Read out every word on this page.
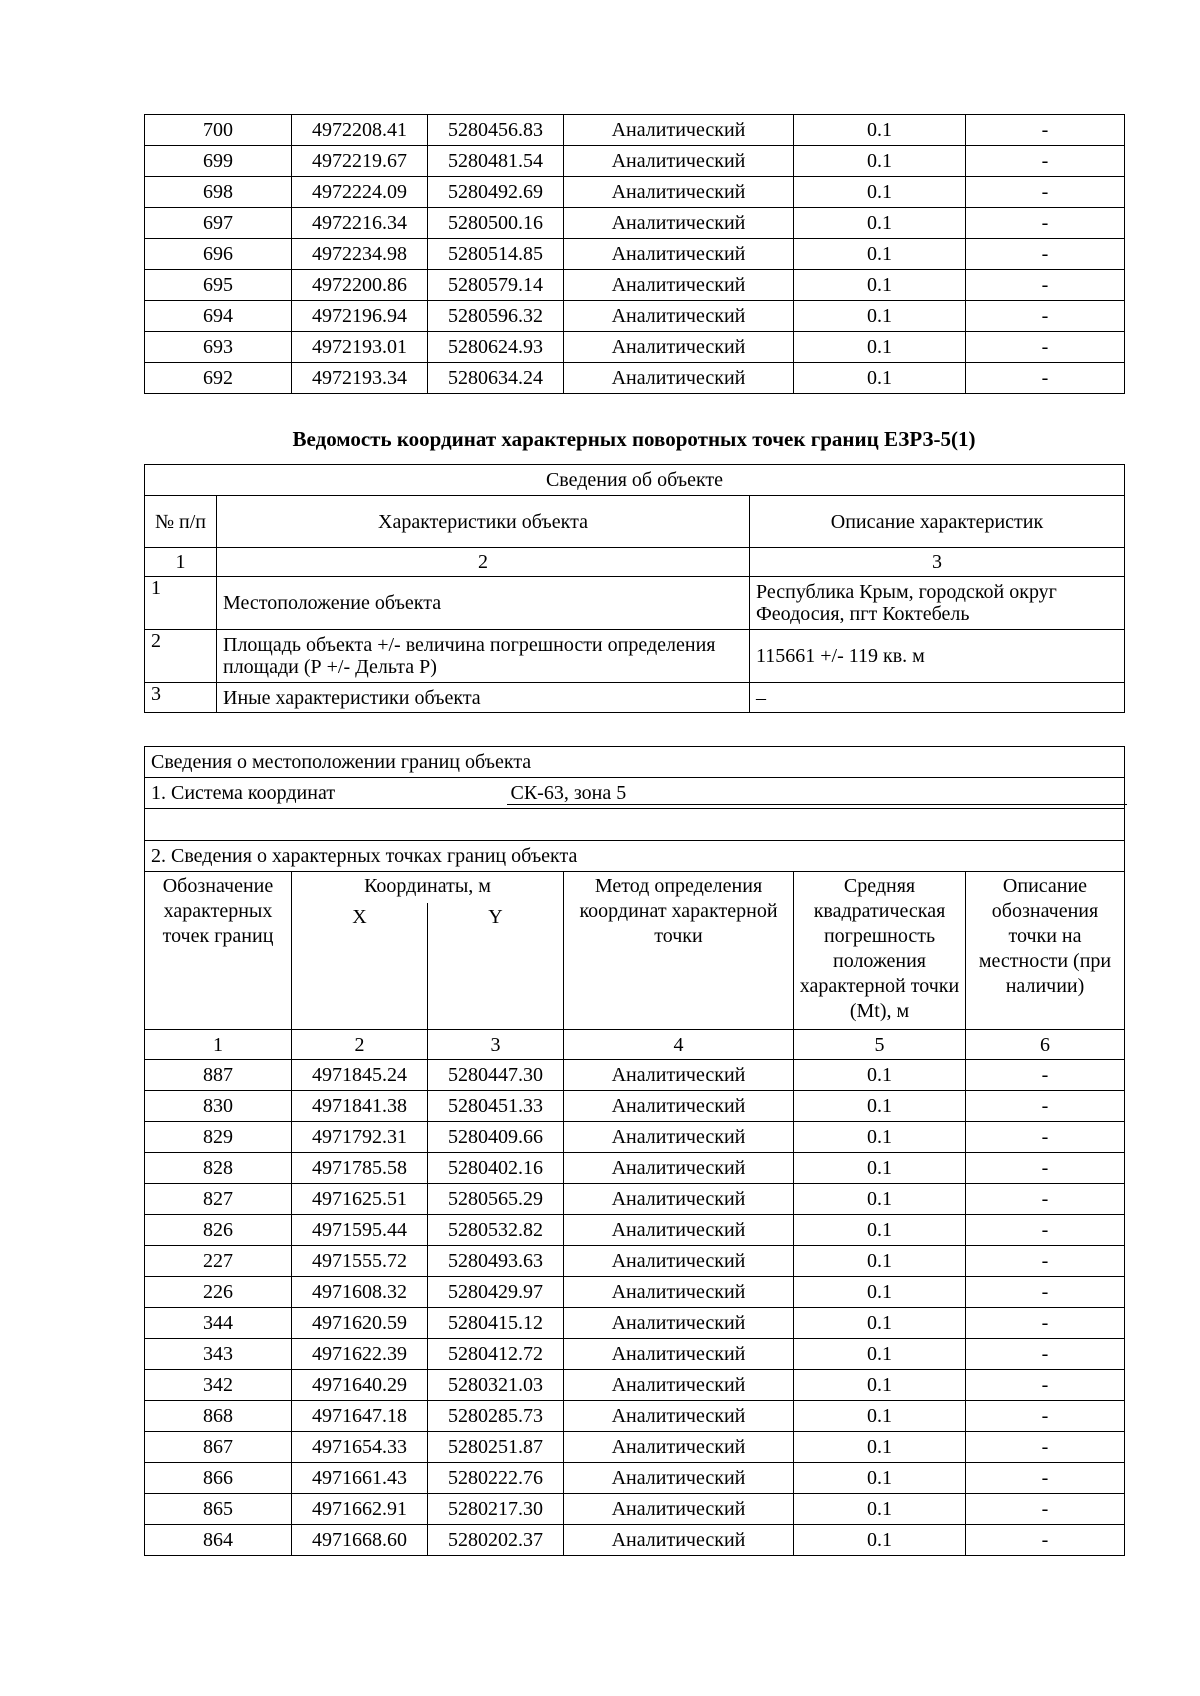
700	4972208.41	5280456.83	Аналитический	0.1	-
699	4972219.67	5280481.54	Аналитический	0.1	-
698	4972224.09	5280492.69	Аналитический	0.1	-
697	4972216.34	5280500.16	Аналитический	0.1	-
696	4972234.98	5280514.85	Аналитический	0.1	-
695	4972200.86	5280579.14	Аналитический	0.1	-
694	4972196.94	5280596.32	Аналитический	0.1	-
693	4972193.01	5280624.93	Аналитический	0.1	-
692	4972193.34	5280634.24	Аналитический	0.1	-
Ведомость координат характерных поворотных точек границ ЕЗРЗ-5(1)
Сведения об объекте		
№ п/п	Характеристики объекта	Описание характеристик
1	2	3
1	Местоположение объекта	Республика Крым, городской округ Феодосия, пгт Коктебель
2	Площадь объекта +/- величина погрешности определения площади (Р +/- Дельта Р)	115661 +/- 119 кв. м
3	Иные характеристики объекта	–
Сведения о местоположении границ объекта					
1. Система координат СК-63, зона 5					

2. Сведения о характерных точках границ объекта					
Обозначение характерных точек границ	Координаты, м		Метод определения координат характерной точки	Средняя квадратическая погрешность положения характерной точки (Mt), м	Описание обозначения точки на местности (при наличии)
	X	Y			
1	2	3	4	5	6
887	4971845.24	5280447.30	Аналитический	0.1	-
830	4971841.38	5280451.33	Аналитический	0.1	-
829	4971792.31	5280409.66	Аналитический	0.1	-
828	4971785.58	5280402.16	Аналитический	0.1	-
827	4971625.51	5280565.29	Аналитический	0.1	-
826	4971595.44	5280532.82	Аналитический	0.1	-
227	4971555.72	5280493.63	Аналитический	0.1	-
226	4971608.32	5280429.97	Аналитический	0.1	-
344	4971620.59	5280415.12	Аналитический	0.1	-
343	4971622.39	5280412.72	Аналитический	0.1	-
342	4971640.29	5280321.03	Аналитический	0.1	-
868	4971647.18	5280285.73	Аналитический	0.1	-
867	4971654.33	5280251.87	Аналитический	0.1	-
866	4971661.43	5280222.76	Аналитический	0.1	-
865	4971662.91	5280217.30	Аналитический	0.1	-
864	4971668.60	5280202.37	Аналитический	0.1	-
